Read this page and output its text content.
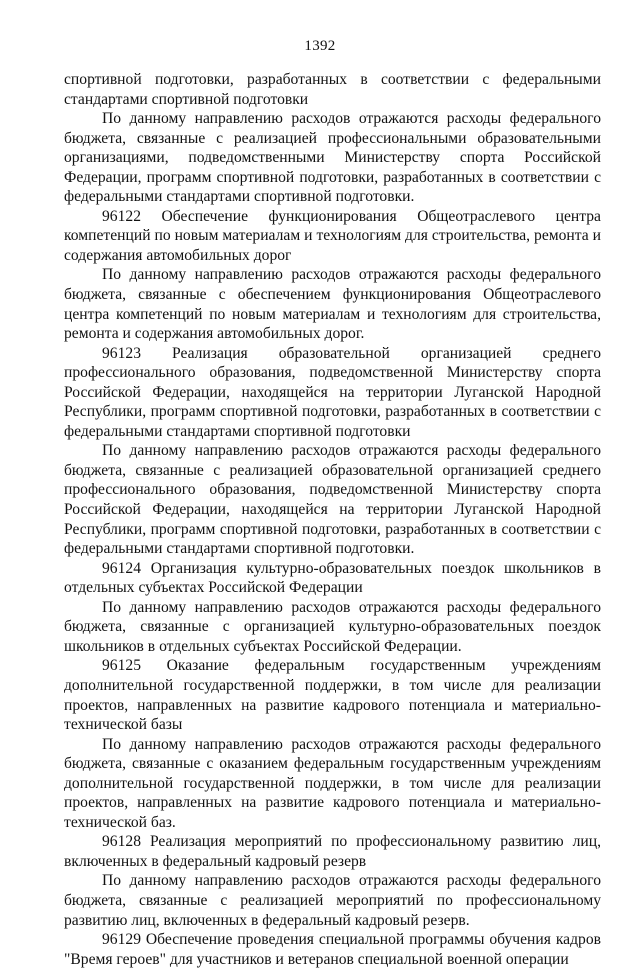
1392

спортивной подготовки, разработанных в соответствии с федеральными стандартами спортивной подготовки

По данному направлению расходов отражаются расходы федерального бюджета, связанные с реализацией профессиональными образовательными организациями, подведомственными Министерству спорта Российской Федерации, программ спортивной подготовки, разработанных в соответствии с федеральными стандартами спортивной подготовки.

96122 Обеспечение функционирования Общеотраслевого центра компетенций по новым материалам и технологиям для строительства, ремонта и содержания автомобильных дорог

По данному направлению расходов отражаются расходы федерального бюджета, связанные с обеспечением функционирования Общеотраслевого центра компетенций по новым материалам и технологиям для строительства, ремонта и содержания автомобильных дорог.

96123 Реализация образовательной организацией среднего профессионального образования, подведомственной Министерству спорта Российской Федерации, находящейся на территории Луганской Народной Республики, программ спортивной подготовки, разработанных в соответствии с федеральными стандартами спортивной подготовки

По данному направлению расходов отражаются расходы федерального бюджета, связанные с реализацией образовательной организацией среднего профессионального образования, подведомственной Министерству спорта Российской Федерации, находящейся на территории Луганской Народной Республики, программ спортивной подготовки, разработанных в соответствии с федеральными стандартами спортивной подготовки.

96124 Организация культурно-образовательных поездок школьников в отдельных субъектах Российской Федерации

По данному направлению расходов отражаются расходы федерального бюджета, связанные с организацией культурно-образовательных поездок школьников в отдельных субъектах Российской Федерации.

96125 Оказание федеральным государственным учреждениям дополнительной государственной поддержки, в том числе для реализации проектов, направленных на развитие кадрового потенциала и материально-технической базы

По данному направлению расходов отражаются расходы федерального бюджета, связанные с оказанием федеральным государственным учреждениям дополнительной государственной поддержки, в том числе для реализации проектов, направленных на развитие кадрового потенциала и материально-технической баз.

96128 Реализация мероприятий по профессиональному развитию лиц, включенных в федеральный кадровый резерв

По данному направлению расходов отражаются расходы федерального бюджета, связанные с реализацией мероприятий по профессиональному развитию лиц, включенных в федеральный кадровый резерв.

96129 Обеспечение проведения специальной программы обучения кадров "Время героев" для участников и ветеранов специальной военной операции
